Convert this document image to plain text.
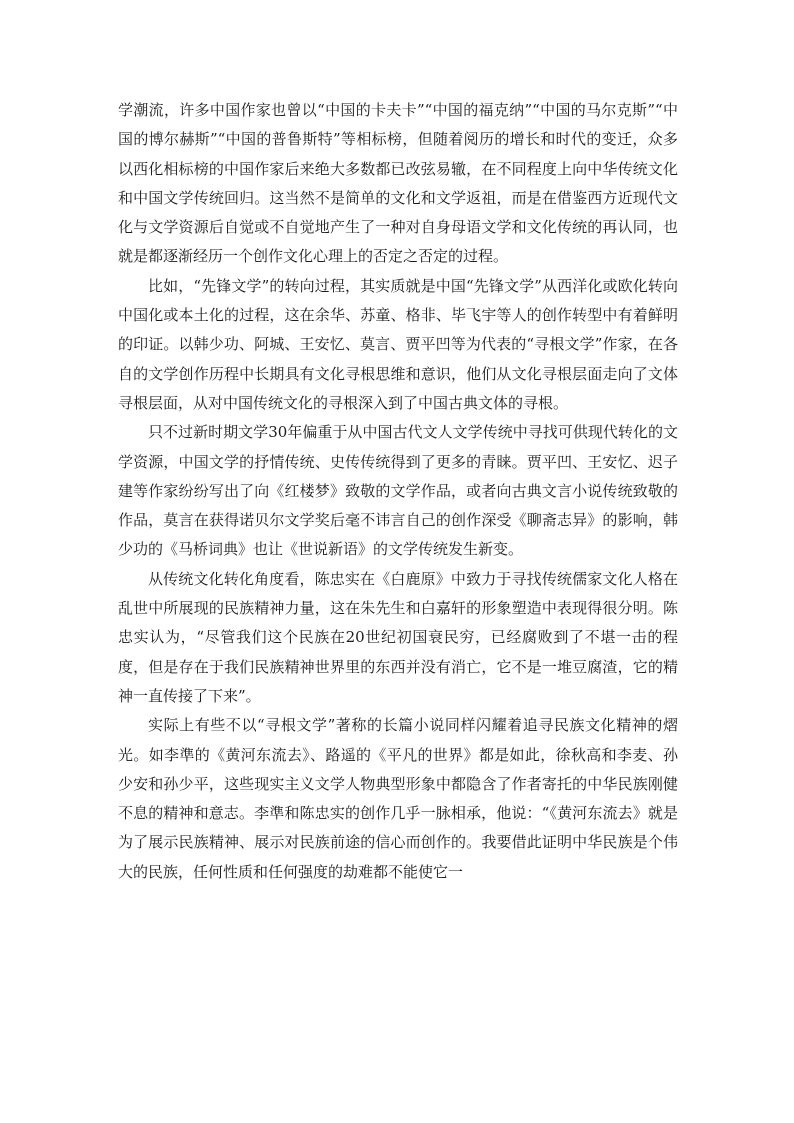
学潮流，许多中国作家也曾以“中国的卡夫卡”“中国的福克纳”“中国的马尔克斯”“中国的博尔赫斯”“中国的普鲁斯特”等相标榜，但随着阅历的增长和时代的变迁，众多以西化相标榜的中国作家后来绝大多数都已改弦易辙，在不同程度上向中华传统文化和中国文学传统回归。这当然不是简单的文化和文学返祖，而是在借鉴西方近现代文化与文学资源后自觉或不自觉地产生了一种对自身母语文学和文化传统的再认同，也就是都逐渐经历一个创作文化心理上的否定之否定的过程。

比如，“先锋文学”的转向过程，其实质就是中国“先锋文学”从西洋化或欧化转向中国化或本土化的过程，这在余华、苏童、格非、毕飞宇等人的创作转型中有着鲜明的印证。以韩少功、阿城、王安忆、莫言、贾平凹等为代表的“寻根文学”作家，在各自的文学创作历程中长期具有文化寻根思维和意识，他们从文化寻根层面走向了文体寻根层面，从对中国传统文化的寻根深入到了中国古典文体的寻根。

只不过新时期文学30年偏重于从中国古代文人文学传统中寻找可供现代转化的文学资源，中国文学的抒情传统、史传传统得到了更多的青睐。贾平凹、王安忆、迟子建等作家纷纷写出了向《红楼梦》致敬的文学作品，或者向古典文言小说传统致敬的作品，莫言在获得诺贝尔文学奖后毫不讳言自己的创作深受《聊斋志异》的影响，韩少功的《马桥词典》也让《世说新语》的文学传统发生新变。

从传统文化转化角度看，陈忠实在《白鹿原》中致力于寻找传统儒家文化人格在乱世中所展现的民族精神力量，这在朱先生和白嘉轩的形象塑造中表现得很分明。陈忠实认为，“尽管我们这个民族在20世纪初国衰民穷，已经腐败到了不堪一击的程度，但是存在于我们民族精神世界里的东西并没有消亡，它不是一堆豆腐渣，它的精神一直传接了下来”。

实际上有些不以“寻根文学”著称的长篇小说同样闪耀着追寻民族文化精神的熠光。如李準的《黄河东流去》、路遥的《平凡的世界》都是如此，徐秋高和李麦、孙少安和孙少平，这些现实主义文学人物典型形象中都隐含了作者寄托的中华民族刚健不息的精神和意志。李準和陈忠实的创作几乎一脉相承，他说：“《黄河东流去》就是为了展示民族精神、展示对民族前途的信心而创作的。我要借此证明中华民族是个伟大的民族，任何性质和任何强度的劫难都不能使它一
